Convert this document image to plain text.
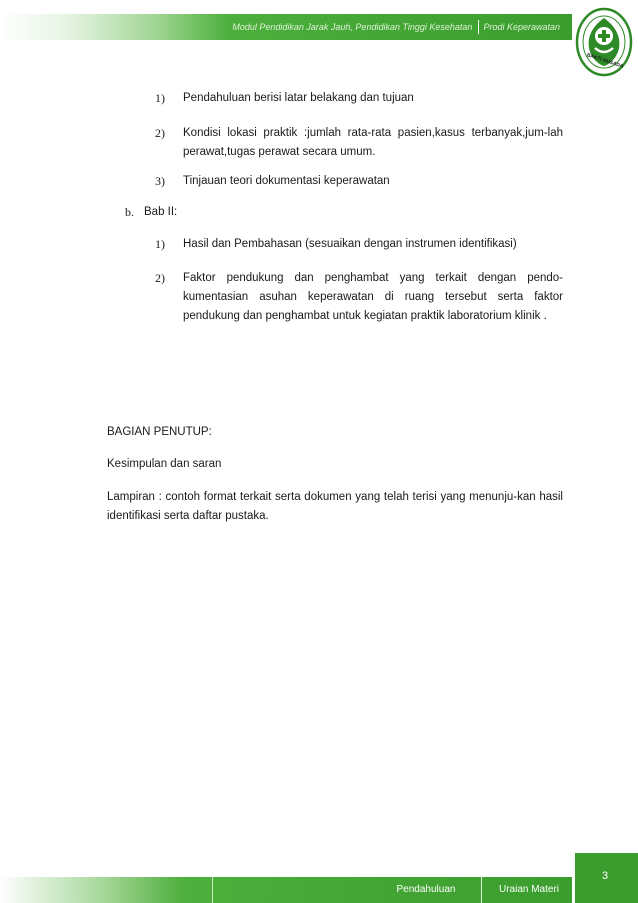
Modul Pendidikan Jarak Jauh, Pendidikan Tinggi Kesehatan Prodi Keperawatan
BAKTI HUSADA
1) Pendahuluan berisi latar belakang dan tujuan
2) Kondisi lokasi praktik :jumlah rata-rata pasien,kasus terbanyak,jum-lah perawat,tugas perawat secara umum.
3) Tinjauan teori dokumentasi keperawatan
b. Bab II:
1) Hasil dan Pembahasan (sesuaikan dengan instrumen identifikasi)
2) Faktor pendukung dan penghambat yang terkait dengan pendo-kumentasian asuhan keperawatan di ruang tersebut serta faktor pendukung dan penghambat untuk kegiatan praktik laboratorium klinik .
BAGIAN PENUTUP:
Kesimpulan dan saran
Lampiran : contoh format terkait serta dokumen yang telah terisi yang menunju-kan hasil identifikasi serta daftar pustaka.
Pendahuluan	Uraian Materi
3
